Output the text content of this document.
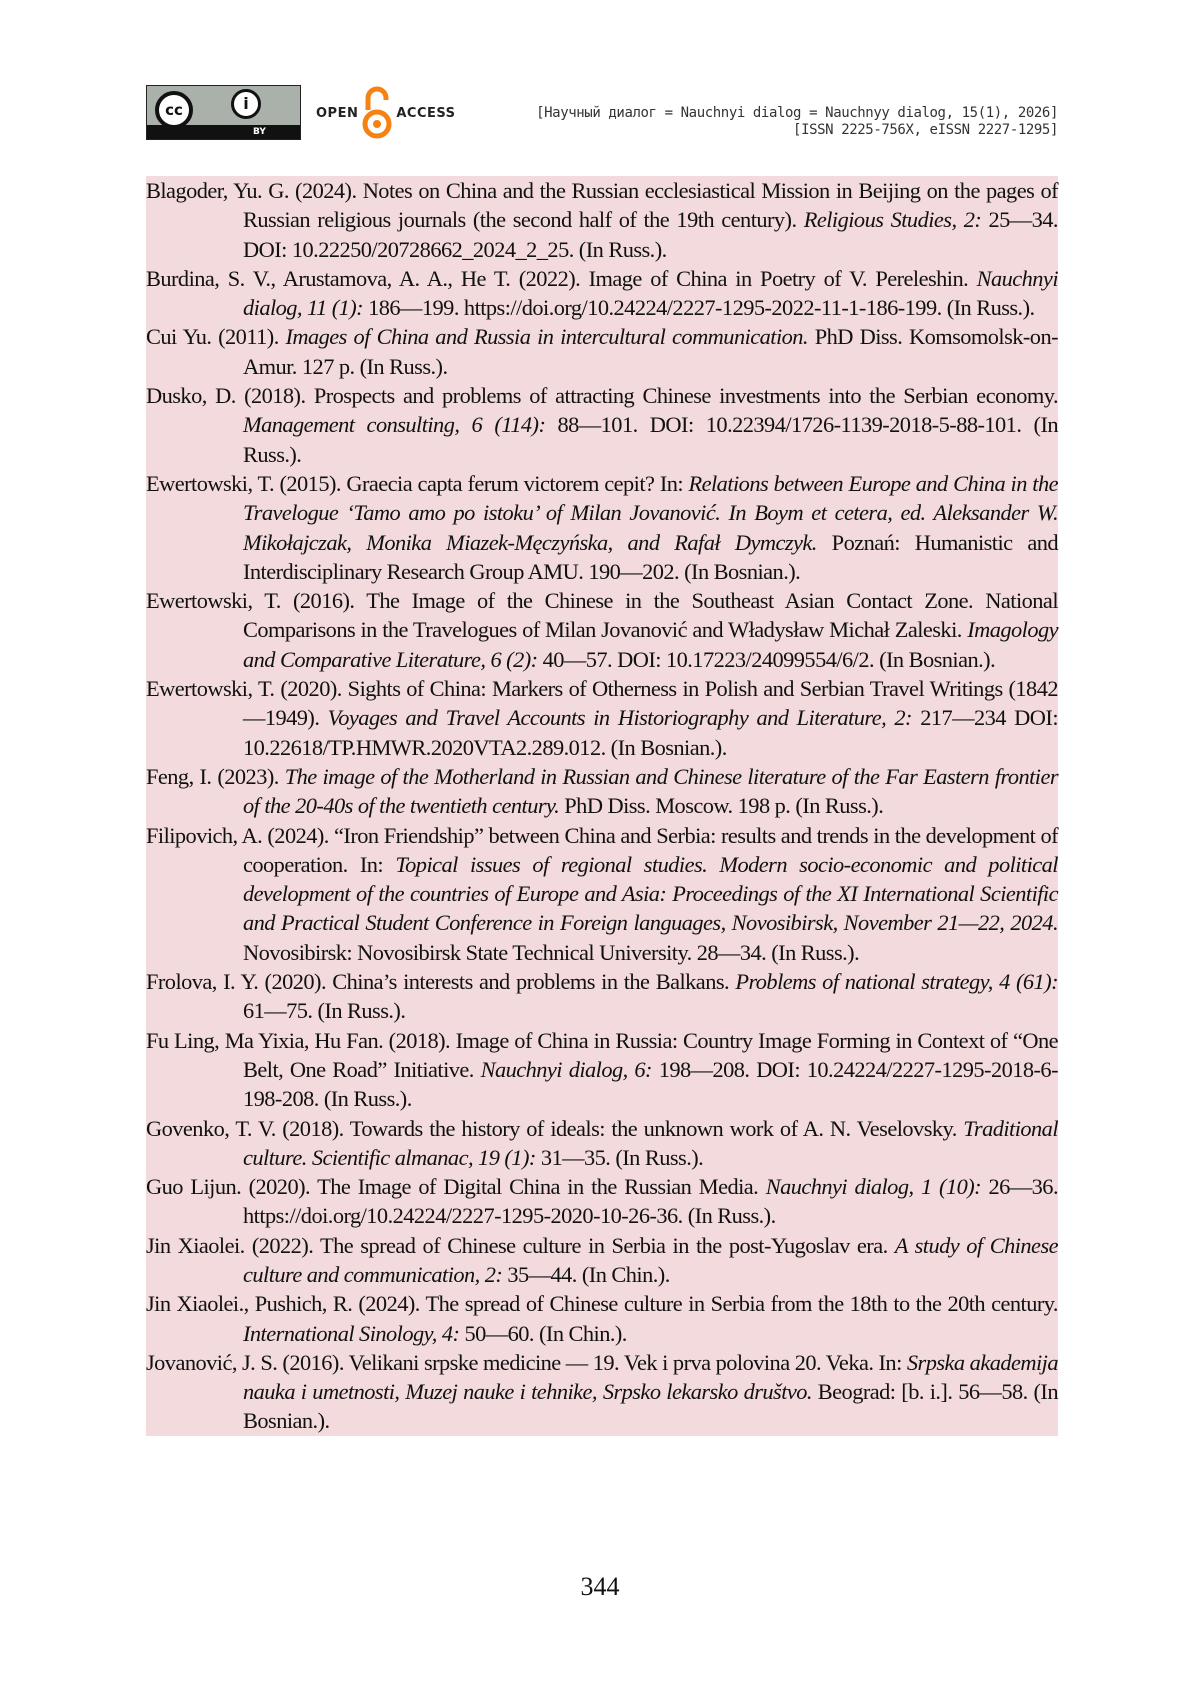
cc	i
BY
OPEN	ACCESS	[Научный диалог = Nauchnyi dialog = Nauchnyy dialog, 15(1), 2026]
[ISSN 2225-756X, eISSN 2227-1295]
Blagoder, Yu. G. (2024). Notes on China and the Russian ecclesiastical Mission in Beijing on the pages of Russian religious journals (the second half of the 19th century). Religious Studies, 2: 25—34. DOI: 10.22250/20728662_2024_2_25. (In Russ.).
Burdina, S. V., Arustamova, A. A., He T. (2022). Image of China in Poetry of V. Pereleshin. Nauchnyi dialog, 11 (1): 186—199. https://doi.org/10.24224/2227-1295-2022-11-1-186-199. (In Russ.).
Cui Yu. (2011). Images of China and Russia in intercultural communication. PhD Diss. Komsomolsk-on-Amur. 127 p. (In Russ.).
Dusko, D. (2018). Prospects and problems of attracting Chinese investments into the Serbian economy. Management consulting, 6 (114): 88—101. DOI: 10.22394/1726-1139-2018-5-88-101. (In Russ.).
Ewertowski, T. (2015). Graecia capta ferum victorem cepit? In: Relations between Europe and China in the Travelogue ‘Tamo amo po istoku’ of Milan Jovanović. In Boym et cetera, ed. Aleksander W. Mikołajczak, Monika Miazek-Męczyńska, and Rafał Dymczyk. Poznań: Humanistic and Interdisciplinary Research Group AMU. 190—202. (In Bosnian.).
Ewertowski, T. (2016). The Image of the Chinese in the Southeast Asian Contact Zone. National Comparisons in the Travelogues of Milan Jovanović and Władysław Michał Zaleski. Imagology and Comparative Literature, 6 (2): 40—57. DOI: 10.17223/24099554/6/2. (In Bosnian.).
Ewertowski, T. (2020). Sights of China: Markers of Otherness in Polish and Serbian Travel Writings (1842—1949). Voyages and Travel Accounts in Historiography and Literature, 2: 217—234 DOI: 10.22618/TP.HMWR.2020VTA2.289.012. (In Bosnian.).
Feng, I. (2023). The image of the Motherland in Russian and Chinese literature of the Far Eastern frontier of the 20-40s of the twentieth century. PhD Diss. Moscow. 198 p. (In Russ.).
Filipovich, A. (2024). “Iron Friendship” between China and Serbia: results and trends in the development of cooperation. In: Topical issues of regional studies. Modern socio-economic and political development of the countries of Europe and Asia: Proceedings of the XI International Scientific and Practical Student Conference in Foreign languages, Novosibirsk, November 21—22, 2024. Novosibirsk: Novosibirsk State Technical University. 28—34. (In Russ.).
Frolova, I. Y. (2020). China’s interests and problems in the Balkans. Problems of national strategy, 4 (61): 61—75. (In Russ.).
Fu Ling, Ma Yixia, Hu Fan. (2018). Image of China in Russia: Country Image Forming in Context of “One Belt, One Road” Initiative. Nauchnyi dialog, 6: 198—208. DOI: 10.24224/2227-1295-2018-6-198-208. (In Russ.).
Govenko, T. V. (2018). Towards the history of ideals: the unknown work of A. N. Veselovsky. Traditional culture. Scientific almanac, 19 (1): 31—35. (In Russ.).
Guo Lijun. (2020). The Image of Digital China in the Russian Media. Nauchnyi dialog, 1 (10): 26—36. https://doi.org/10.24224/2227-1295-2020-10-26-36. (In Russ.).
Jin Xiaolei. (2022). The spread of Chinese culture in Serbia in the post-Yugoslav era. A study of Chinese culture and communication, 2: 35—44. (In Chin.).
Jin Xiaolei., Pushich, R. (2024). The spread of Chinese culture in Serbia from the 18th to the 20th century. International Sinology, 4: 50—60. (In Chin.).
Jovanović, J. S. (2016). Velikani srpske medicine — 19. Vek i prva polovina 20. Veka. In: Srpska akademija nauka i umetnosti, Muzej nauke i tehnike, Srpsko lekarsko društvo. Beograd: [b. i.]. 56—58. (In Bosnian.).
344
